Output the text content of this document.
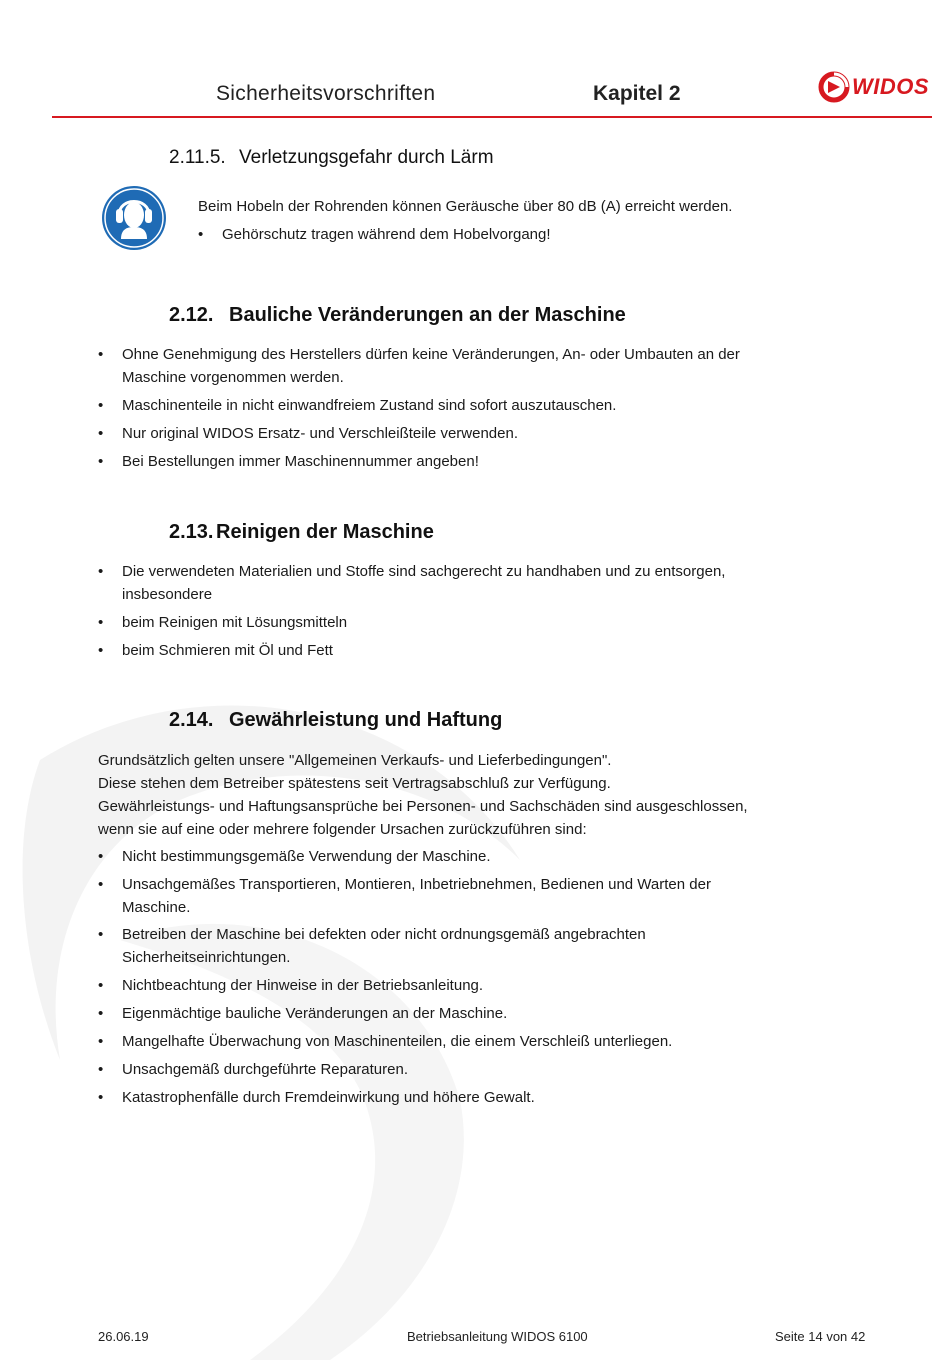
Sicherheitsvorschriften	Kapitel 2	WIDOS
2.11.5. Verletzungsgefahr durch Lärm
Beim Hobeln der Rohrenden können Geräusche über 80 dB (A) erreicht werden.
• Gehörschutz tragen während dem Hobelvorgang!
2.12. Bauliche Veränderungen an der Maschine
• Ohne Genehmigung des Herstellers dürfen keine Veränderungen, An- oder Umbauten an der
Maschine vorgenommen werden.
• Maschinenteile in nicht einwandfreiem Zustand sind sofort auszutauschen.
• Nur original WIDOS Ersatz- und Verschleißteile verwenden.
• Bei Bestellungen immer Maschinennummer angeben!
2.13. Reinigen der Maschine
• Die verwendeten Materialien und Stoffe sind sachgerecht zu handhaben und zu entsorgen,
insbesondere
• beim Reinigen mit Lösungsmitteln
• beim Schmieren mit Öl und Fett
2.14. Gewährleistung und Haftung
Grundsätzlich gelten unsere "Allgemeinen Verkaufs- und Lieferbedingungen".
Diese stehen dem Betreiber spätestens seit Vertragsabschluß zur Verfügung.
Gewährleistungs- und Haftungsansprüche bei Personen- und Sachschäden sind ausgeschlossen,
wenn sie auf eine oder mehrere folgender Ursachen zurückzuführen sind:
• Nicht bestimmungsgemäße Verwendung der Maschine.
• Unsachgemäßes Transportieren, Montieren, Inbetriebnehmen, Bedienen und Warten der
Maschine.
• Betreiben der Maschine bei defekten oder nicht ordnungsgemäß angebrachten
Sicherheitseinrichtungen.
• Nichtbeachtung der Hinweise in der Betriebsanleitung.
• Eigenmächtige bauliche Veränderungen an der Maschine.
• Mangelhafte Überwachung von Maschinenteilen, die einem Verschleiß unterliegen.
• Unsachgemäß durchgeführte Reparaturen.
• Katastrophenfälle durch Fremdeinwirkung und höhere Gewalt.
26.06.19	Betriebsanleitung WIDOS 6100	Seite 14 von 42
